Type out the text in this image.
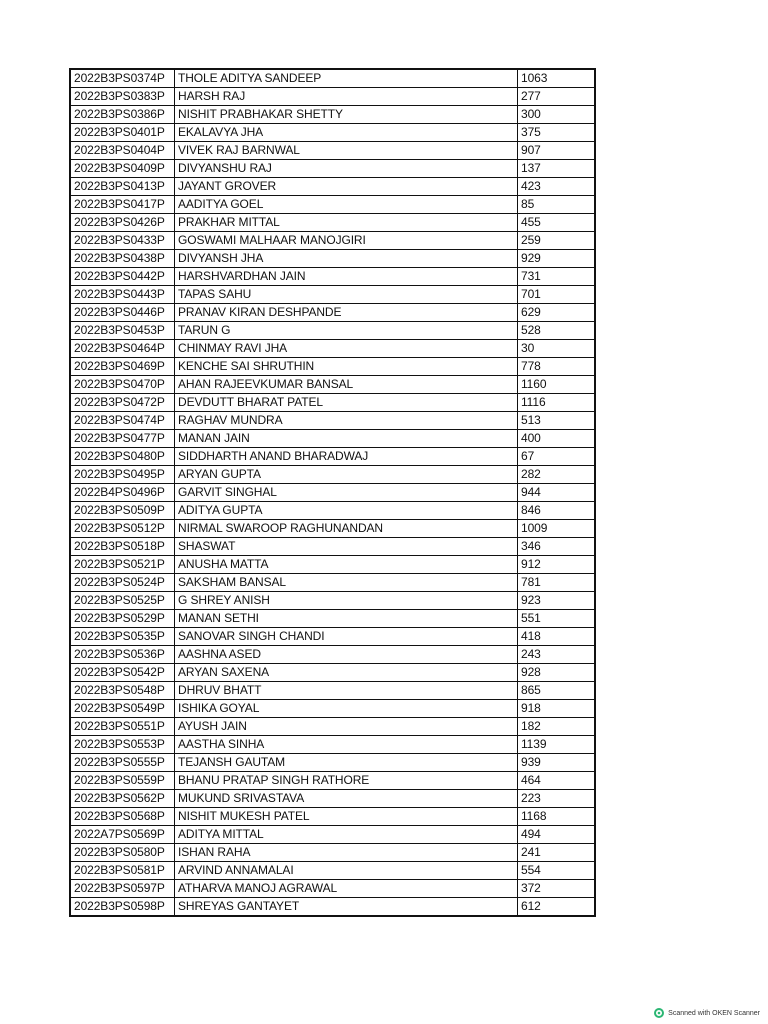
2022B3PS0374P	THOLE ADITYA SANDEEP	1063
2022B3PS0383P	HARSH RAJ	277
2022B3PS0386P	NISHIT PRABHAKAR SHETTY	300
2022B3PS0401P	EKALAVYA JHA	375
2022B3PS0404P	VIVEK RAJ BARNWAL	907
2022B3PS0409P	DIVYANSHU RAJ	137
2022B3PS0413P	JAYANT GROVER	423
2022B3PS0417P	AADITYA GOEL	85
2022B3PS0426P	PRAKHAR MITTAL	455
2022B3PS0433P	GOSWAMI MALHAAR MANOJGIRI	259
2022B3PS0438P	DIVYANSH JHA	929
2022B3PS0442P	HARSHVARDHAN JAIN	731
2022B3PS0443P	TAPAS SAHU	701
2022B3PS0446P	PRANAV KIRAN DESHPANDE	629
2022B3PS0453P	TARUN G	528
2022B3PS0464P	CHINMAY RAVI JHA	30
2022B3PS0469P	KENCHE SAI SHRUTHIN	778
2022B3PS0470P	AHAN RAJEEVKUMAR BANSAL	1160
2022B3PS0472P	DEVDUTT BHARAT PATEL	1116
2022B3PS0474P	RAGHAV MUNDRA	513
2022B3PS0477P	MANAN JAIN	400
2022B3PS0480P	SIDDHARTH ANAND BHARADWAJ	67
2022B3PS0495P	ARYAN GUPTA	282
2022B4PS0496P	GARVIT SINGHAL	944
2022B3PS0509P	ADITYA GUPTA	846
2022B3PS0512P	NIRMAL SWAROOP RAGHUNANDAN	1009
2022B3PS0518P	SHASWAT	346
2022B3PS0521P	ANUSHA MATTA	912
2022B3PS0524P	SAKSHAM BANSAL	781
2022B3PS0525P	G SHREY ANISH	923
2022B3PS0529P	MANAN SETHI	551
2022B3PS0535P	SANOVAR SINGH CHANDI	418
2022B3PS0536P	AASHNA ASED	243
2022B3PS0542P	ARYAN SAXENA	928
2022B3PS0548P	DHRUV BHATT	865
2022B3PS0549P	ISHIKA GOYAL	918
2022B3PS0551P	AYUSH JAIN	182
2022B3PS0553P	AASTHA SINHA	1139
2022B3PS0555P	TEJANSH GAUTAM	939
2022B3PS0559P	BHANU PRATAP SINGH RATHORE	464
2022B3PS0562P	MUKUND SRIVASTAVA	223
2022B3PS0568P	NISHIT MUKESH PATEL	1168
2022A7PS0569P	ADITYA MITTAL	494
2022B3PS0580P	ISHAN RAHA	241
2022B3PS0581P	ARVIND ANNAMALAI	554
2022B3PS0597P	ATHARVA MANOJ AGRAWAL	372
2022B3PS0598P	SHREYAS GANTAYET	612
Scanned with OKEN Scanner
